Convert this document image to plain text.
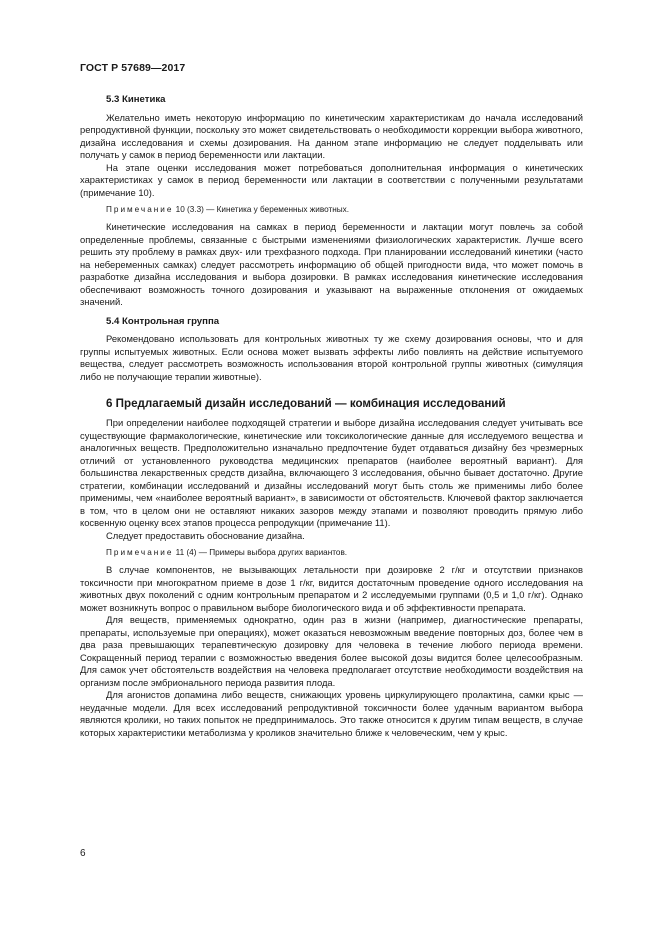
ГОСТ Р 57689—2017
5.3 Кинетика

Желательно иметь некоторую информацию по кинетическим характеристикам до начала исследований репродуктивной функции, поскольку это может свидетельствовать о необходимости коррекции выбора животного, дизайна исследования и схемы дозирования. На данном этапе информацию не следует подделывать или получать у самок в период беременности или лактации.

На этапе оценки исследования может потребоваться дополнительная информация о кинетических характеристиках у самок в период беременности или лактации в соответствии с полученными результатами (примечание 10).

Примечание 10 (3.3) — Кинетика у беременных животных.

Кинетические исследования на самках в период беременности и лактации могут повлечь за собой определенные проблемы, связанные с быстрыми изменениями физиологических характеристик. Лучше всего решить эту проблему в рамках двух- или трехфазного подхода. При планировании исследований кинетики (часто на небеременных самках) следует рассмотреть информацию об общей пригодности вида, что может помочь в разработке дизайна исследования и выбора дозировки. В рамках исследования кинетические исследования обеспечивают возможность точного дозирования и указывают на выраженные отклонения от ожидаемых значений.

5.4 Контрольная группа

Рекомендовано использовать для контрольных животных ту же схему дозирования основы, что и для группы испытуемых животных. Если основа может вызвать эффекты либо повлиять на действие испытуемого вещества, следует рассмотреть возможность использования второй контрольной группы животных (симуляция либо не получающие терапии животные).

6 Предлагаемый дизайн исследований — комбинация исследований

При определении наиболее подходящей стратегии и выборе дизайна исследования следует учитывать все существующие фармакологические, кинетические или токсикологические данные для исследуемого вещества и аналогичных веществ. Предположительно изначально предпочтение будет отдаваться дизайну без чрезмерных отличий от установленного руководства медицинских препаратов (наиболее вероятный вариант). Для большинства лекарственных средств дизайна, включающего 3 исследования, обычно бывает достаточно. Другие стратегии, комбинации исследований и дизайны исследований могут быть столь же применимы либо более применимы, чем «наиболее вероятный вариант», в зависимости от обстоятельств. Ключевой фактор заключается в том, что в целом они не оставляют никаких зазоров между этапами и позволяют проводить прямую либо косвенную оценку всех этапов процесса репродукции (примечание 11).

Следует предоставить обоснование дизайна.

Примечание 11 (4) — Примеры выбора других вариантов.

В случае компонентов, не вызывающих летальности при дозировке 2 г/кг и отсутствии признаков токсичности при многократном приеме в дозе 1 г/кг, видится достаточным проведение одного исследования на животных двух поколений с одним контрольным препаратом и 2 исследуемыми группами (0,5 и 1,0 г/кг). Однако может возникнуть вопрос о правильном выборе биологического вида и об эффективности препарата.

Для веществ, применяемых однократно, один раз в жизни (например, диагностические препараты, препараты, используемые при операциях), может оказаться невозможным введение повторных доз, более чем в два раза превышающих терапевтическую дозировку для человека в течение любого периода времени. Сокращенный период терапии с возможностью введения более высокой дозы видится более целесообразным. Для самок учет обстоятельств воздействия на человека предполагает отсутствие необходимости воздействия на организм после эмбрионального периода развития плода.

Для агонистов допамина либо веществ, снижающих уровень циркулирующего пролактина, самки крыс — неудачные модели. Для всех исследований репродуктивной токсичности более удачным вариантом выбора являются кролики, но таких попыток не предпринималось. Это также относится к другим типам веществ, в случае которых характеристики метаболизма у кроликов значительно ближе к человеческим, чем у крыс.

6
